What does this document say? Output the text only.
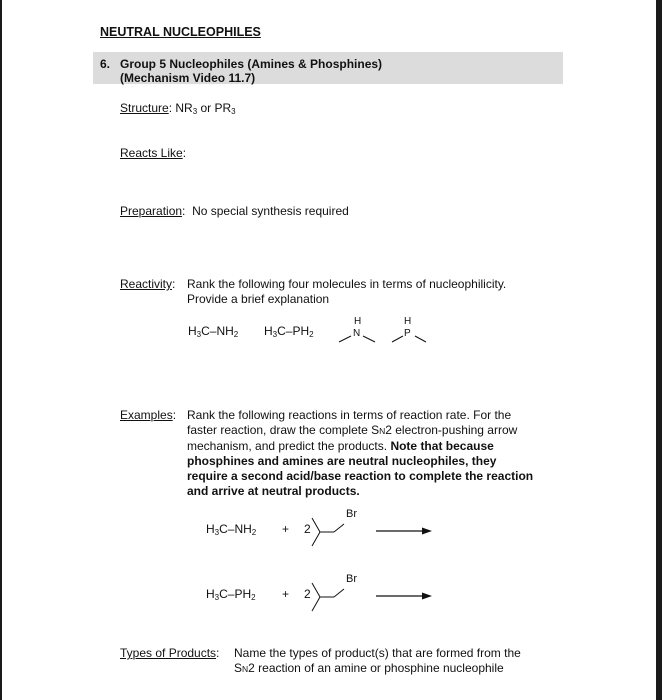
NEUTRAL NUCLEOPHILES
6. Group 5 Nucleophiles (Amines & Phosphines)
(Mechanism Video 11.7)
Structure: $NR_3$ or $PR_3$
Reacts Like:
Preparation:  No special synthesis required
Reactivity: Rank the following four molecules in terms of nucleophilicity.
Provide a brief explanation
$H_3C-NH_2$ $H_3C-PH_2$
H
N
H
P
Examples: Rank the following reactions in terms of reaction rate. For the
faster reaction, draw the complete SN2 electron-pushing arrow
mechanism, and predict the products. Note that because
phosphines and amines are neutral nucleophiles, they
require a second acid/base reaction to complete the reaction
and arrive at neutral products.
$H_3C-NH_2 + 2$
Br
$H_3C-PH_2 + 2$
Br
Types of Products: Name the types of product(s) that are formed from the
SN2 reaction of an amine or phosphine nucleophile
